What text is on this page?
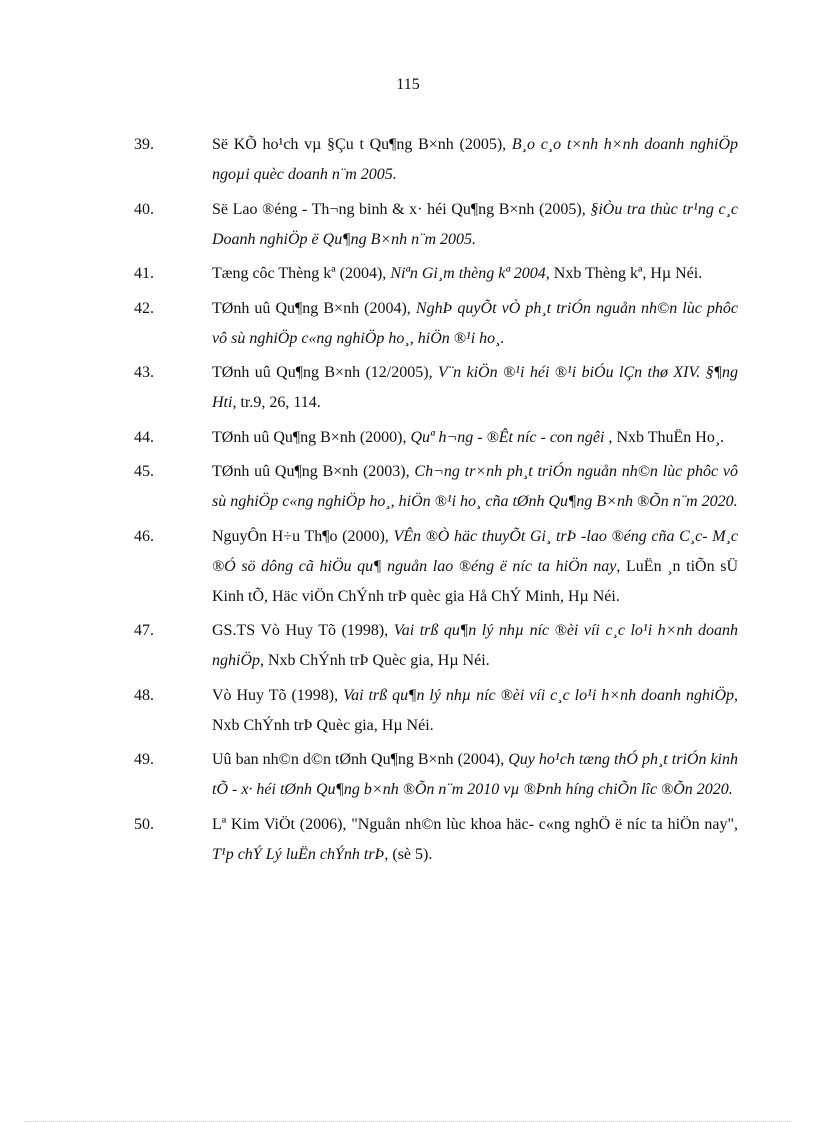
115
39.	Së KÕ ho¹ch vµ §Çu t Qu¶ng B×nh (2005), B¸o c¸o t×nh h×nh doanh nghiÖp ngoµi quèc doanh n¨m 2005.
40.	Së Lao ®éng - Th¬ng binh & x· héi Qu¶ng B×nh (2005), §iÒu tra thùc tr¹ng c¸c Doanh nghiÖp ë Qu¶ng B×nh n¨m 2005.
41.	Tæng côc Thèng kª (2004), Niªn Gi¸m thèng kª 2004, Nxb Thèng kª, Hµ Néi.
42.	TØnh uû Qu¶ng B×nh (2004), NghÞ quyÕt vÒ ph¸t triÓn nguån nh©n lùc phôc vô sù nghiÖp c«ng nghiÖp ho¸, hiÖn ®¹i ho¸.
43.	TØnh uû Qu¶ng B×nh (12/2005), V¨n kiÖn ®¹i héi ®¹i biÓu lÇn thø XIV. §¶ng Hti, tr.9, 26, 114.
44.	TØnh uû Qu¶ng B×nh (2000), Quª h¬ng - ®Êt níc - con ngêi , Nxb ThuËn Ho¸.
45.	TØnh uû Qu¶ng B×nh (2003), Ch¬ng tr×nh ph¸t triÓn nguån nh©n lùc phôc vô sù nghiÖp c«ng nghiÖp ho¸, hiÖn ®¹i ho¸ cña tØnh Qu¶ng B×nh ®Õn n¨m 2020.
46.	NguyÔn H÷u Th¶o (2000), VÊn ®Ò häc thuyÕt Gi¸ trÞ -lao ®éng cña C¸c- M¸c ®Ó sö dông cã hiÖu qu¶ nguån lao ®éng ë níc ta hiÖn nay, LuËn ¸n tiÕn sÜ Kinh tÕ, Häc viÖn ChÝnh trÞ quèc gia Hå ChÝ Minh, Hµ Néi.
47.	GS.TS Vò Huy Tõ (1998), Vai trß qu¶n lý nhµ níc ®èi víi c¸c lo¹i h×nh doanh nghiÖp, Nxb ChÝnh trÞ Quèc gia, Hµ Néi.
48.	Vò Huy Tõ (1998), Vai trß qu¶n lý nhµ níc ®èi víi c¸c lo¹i h×nh doanh nghiÖp, Nxb ChÝnh trÞ Quèc gia, Hµ Néi.
49.	Uû ban nh©n d©n tØnh Qu¶ng B×nh (2004), Quy ho¹ch tæng thÓ ph¸t triÓn kinh tÕ - x· héi tØnh Qu¶ng b×nh ®Õn n¨m 2010 vµ ®Þnh híng chiÕn lîc ®Õn 2020.
50.	Lª Kim ViÖt (2006), "Nguån nh©n lùc khoa häc- c«ng nghÖ ë níc ta hiÖn nay", T¹p chÝ Lý luËn chÝnh trÞ, (sè 5).
